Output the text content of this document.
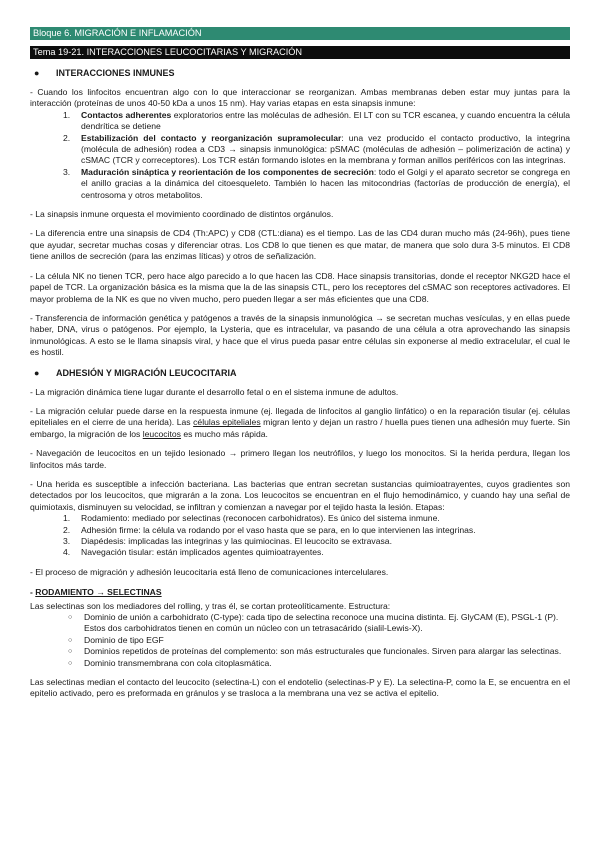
Bloque 6. MIGRACIÓN E INFLAMACIÓN
Tema 19-21. INTERACCIONES LEUCOCITARIAS Y MIGRACIÓN
●	INTERACCIONES INMUNES

- Cuando los linfocitos encuentran algo con lo que interaccionar se reorganizan. Ambas membranas deben estar muy juntas para la interacción (proteínas de unos 40-50 kDa a unos 15 nm). Hay varias etapas en esta sinapsis inmune:

1.	Contactos adherentes exploratorios entre las moléculas de adhesión. El LT con su TCR escanea, y cuando encuentra la célula dendrítica se detiene
2.	Estabilización del contacto y reorganización supramolecular: una vez producido el contacto productivo, la integrina (molécula de adhesión) rodea a CD3 → sinapsis inmunológica: pSMAC (moléculas de adhesión – polimerización de actina) y cSMAC (TCR y correceptores). Los TCR están formando islotes en la membrana y forman anillos periféricos con las integrinas.
3.	Maduración sináptica y reorientación de los componentes de secreción: todo el Golgi y el aparato secretor se congrega en el anillo gracias a la dinámica del citoesqueleto. También lo hacen las mitocondrias (factorías de producción de energía), el centrosoma y otros metabolitos.

- La sinapsis inmune orquesta el movimiento coordinado de distintos orgánulos.

- La diferencia entre una sinapsis de CD4 (Th:APC) y CD8 (CTL:diana) es el tiempo. Las de las CD4 duran mucho más (24-96h), pues tiene que ayudar, secretar muchas cosas y diferenciar otras. Los CD8 lo que tienen es que matar, de manera que solo dura 3-5 minutos. El CD8 tiene anillos de secreción (para las enzimas líticas) y otros de señalización.

- La célula NK no tienen TCR, pero hace algo parecido a lo que hacen las CD8. Hace sinapsis transitorias, donde el receptor NKG2D hace el papel de TCR. La organización básica es la misma que la de las sinapsis CTL, pero los receptores del cSMAC son receptores activadores. El mayor problema de la NK es que no viven mucho, pero pueden llegar a ser más eficientes que una CD8.

- Transferencia de información genética y patógenos a través de la sinapsis inmunológica → se secretan muchas vesículas, y en ellas puede haber, DNA, virus o patógenos. Por ejemplo, la Lysteria, que es intracelular, va pasando de una célula a otra aprovechando las sinapsis inmunológicas. A esto se le llama sinapsis viral, y hace que el virus pueda pasar entre células sin exponerse al medio extracelular, el cual le es hostil.

●	ADHESIÓN Y MIGRACIÓN LEUCOCITARIA

- La migración dinámica tiene lugar durante el desarrollo fetal o en el sistema inmune de adultos.

- La migración celular puede darse en la respuesta inmune (ej. llegada de linfocitos al ganglio linfático) o en la reparación tisular (ej. células epiteliales en el cierre de una herida). Las células epiteliales migran lento y dejan un rastro / huella pues tienen una adhesión muy fuerte. Sin embargo, la migración de los leucocitos es mucho más rápida.

- Navegación de leucocitos en un tejido lesionado → primero llegan los neutrófilos, y luego los monocitos. Si la herida perdura, llegan los linfocitos más tarde.

- Una herida es susceptible a infección bacteriana. Las bacterias que entran secretan sustancias quimioatrayentes, cuyos gradientes son detectados por los leucocitos, que migrarán a la zona. Los leucocitos se encuentran en el flujo hemodinámico, y cuando hay una señal de quimiotaxis, disminuyen su velocidad, se infiltran y comienzan a navegar por el tejido hasta la lesión. Etapas:

1.	Rodamiento: mediado por selectinas (reconocen carbohidratos). Es único del sistema inmune.
2.	Adhesión firme: la célula va rodando por el vaso hasta que se para, en lo que intervienen las integrinas.
3.	Diapédesis: implicadas las integrinas y las quimiocinas. El leucocito se extravasa.
4.	Navegación tisular: están implicados agentes quimioatrayentes.

- El proceso de migración y adhesión leucocitaria está lleno de comunicaciones intercelulares.

- RODAMIENTO → SELECTINAS

Las selectinas son los mediadores del rolling, y tras él, se cortan proteolíticamente. Estructura:

○	Dominio de unión a carbohidrato (C-type): cada tipo de selectina reconoce una mucina distinta. Ej. GlyCAM (E), PSGL-1 (P). Estos dos carbohidratos tienen en común un núcleo con un tetrasacárido (sialil-Lewis-X).
○	Dominio de tipo EGF
○	Dominios repetidos de proteínas del complemento: son más estructurales que funcionales. Sirven para alargar las selectinas.
○	Dominio transmembrana con cola citoplasmática.

Las selectinas median el contacto del leucocito (selectina-L) con el endotelio (selectinas-P y E). La selectina-P, como la E, se encuentra en el epitelio activado, pero es preformada en gránulos y se trasloca a la membrana una vez se activa el epitelio.
